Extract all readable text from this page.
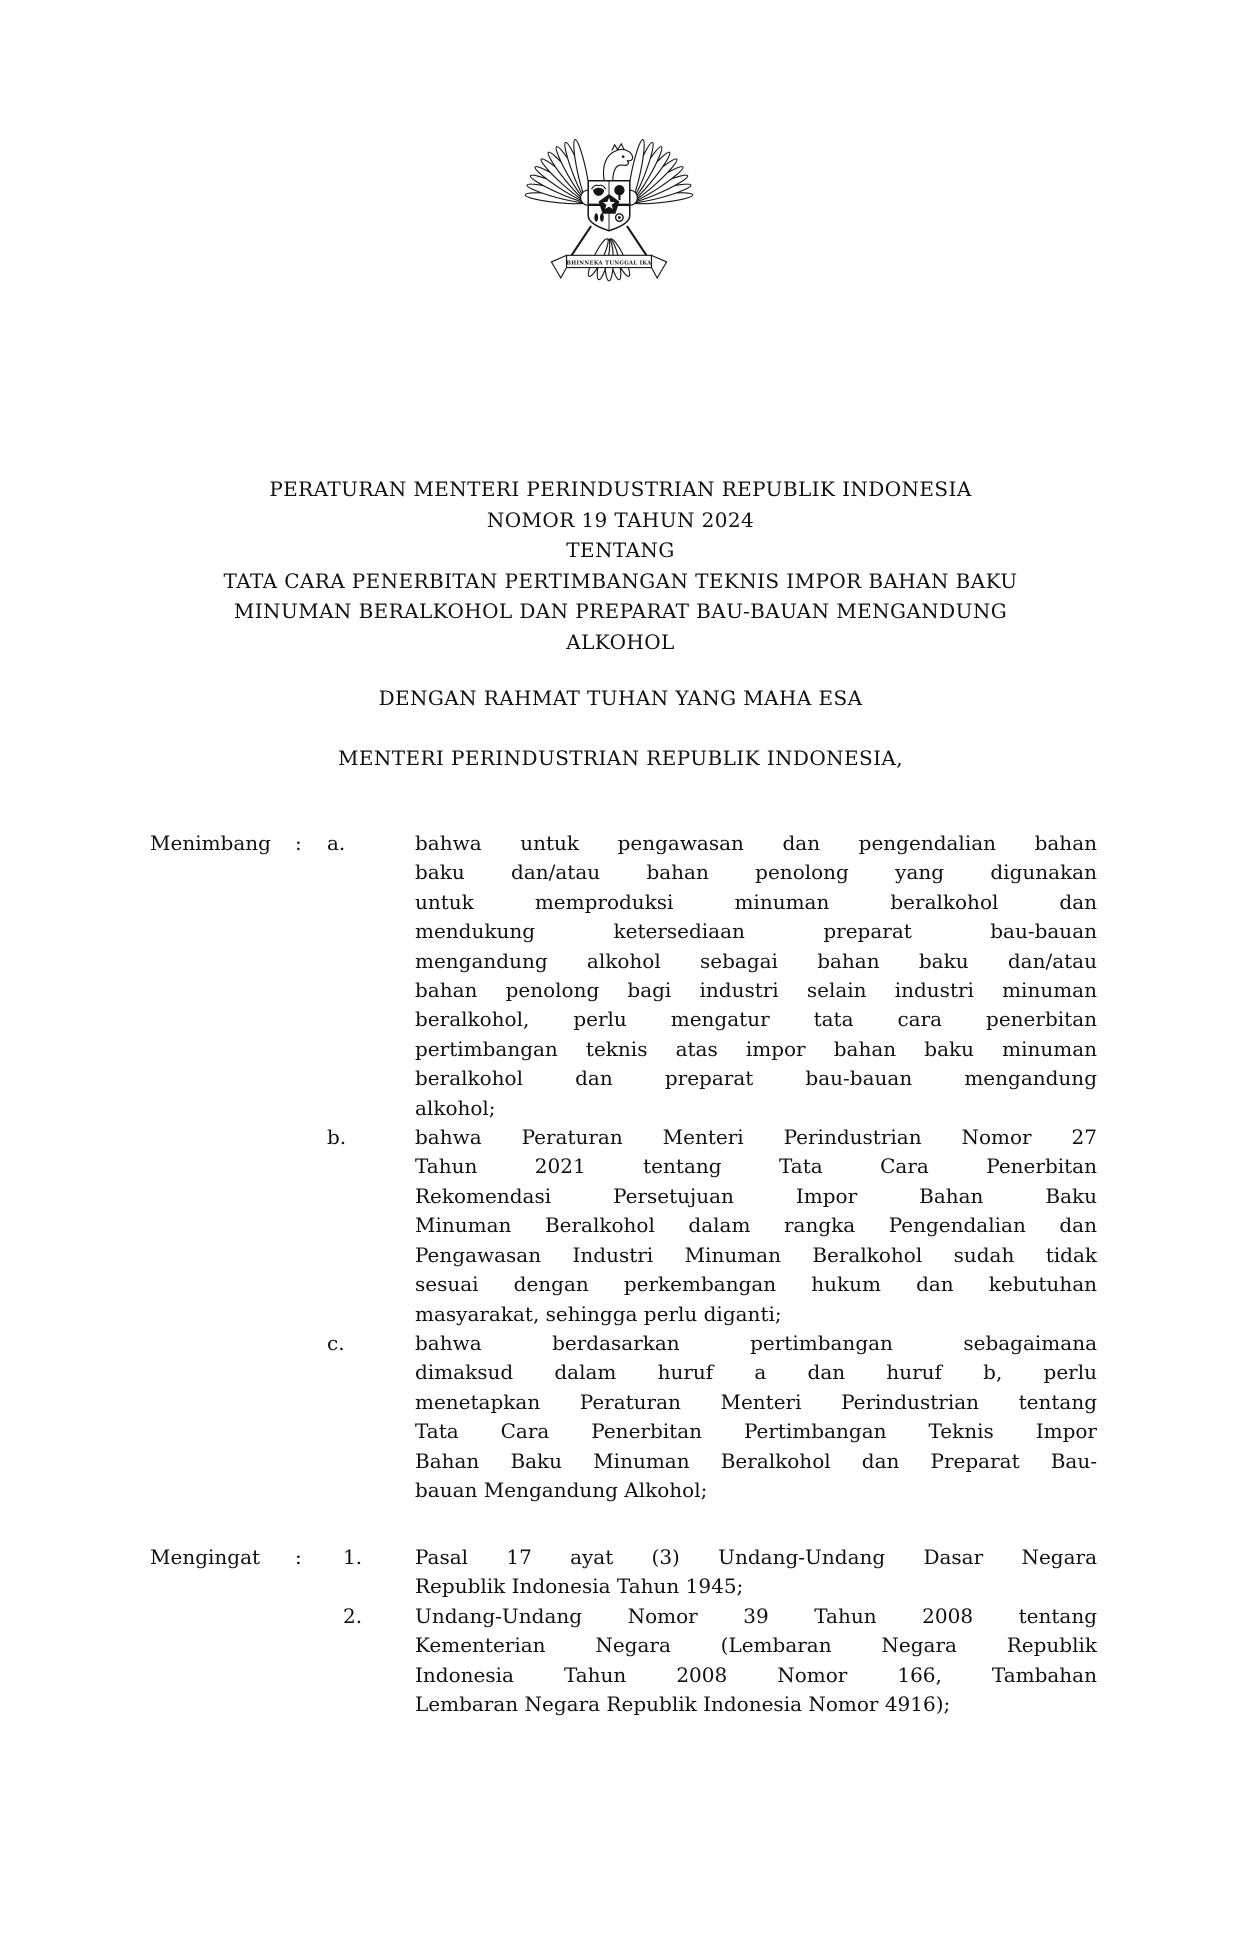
BHINNEKA TUNGGAL IKA
PERATURAN MENTERI PERINDUSTRIAN REPUBLIK INDONESIA
NOMOR 19 TAHUN 2024
TENTANG
TATA CARA PENERBITAN PERTIMBANGAN TEKNIS IMPOR BAHAN BAKU
MINUMAN BERALKOHOL DAN PREPARAT BAU-BAUAN MENGANDUNG
ALKOHOL
DENGAN RAHMAT TUHAN YANG MAHA ESA
MENTERI PERINDUSTRIAN REPUBLIK INDONESIA,
Menimbang	:	a.	bahwa untuk pengawasan dan pengendalian bahan
baku dan/atau bahan penolong yang digunakan
untuk memproduksi minuman beralkohol dan
mendukung ketersediaan preparat bau-bauan
mengandung alkohol sebagai bahan baku dan/atau
bahan penolong bagi industri selain industri minuman
beralkohol, perlu mengatur tata cara penerbitan
pertimbangan teknis atas impor bahan baku minuman
beralkohol dan preparat bau-bauan mengandung
alkohol;
b.	bahwa Peraturan Menteri Perindustrian Nomor 27
Tahun 2021 tentang Tata Cara Penerbitan
Rekomendasi Persetujuan Impor Bahan Baku
Minuman Beralkohol dalam rangka Pengendalian dan
Pengawasan Industri Minuman Beralkohol sudah tidak
sesuai dengan perkembangan hukum dan kebutuhan
masyarakat, sehingga perlu diganti;
c.	bahwa berdasarkan pertimbangan sebagaimana
dimaksud dalam huruf a dan huruf b, perlu
menetapkan Peraturan Menteri Perindustrian tentang
Tata Cara Penerbitan Pertimbangan Teknis Impor
Bahan Baku Minuman Beralkohol dan Preparat Bau-
bauan Mengandung Alkohol;
Mengingat	:	1.	Pasal 17 ayat (3) Undang-Undang Dasar Negara
Republik Indonesia Tahun 1945;
2.	Undang-Undang Nomor 39 Tahun 2008 tentang
Kementerian Negara (Lembaran Negara Republik
Indonesia Tahun 2008 Nomor 166, Tambahan
Lembaran Negara Republik Indonesia Nomor 4916);
